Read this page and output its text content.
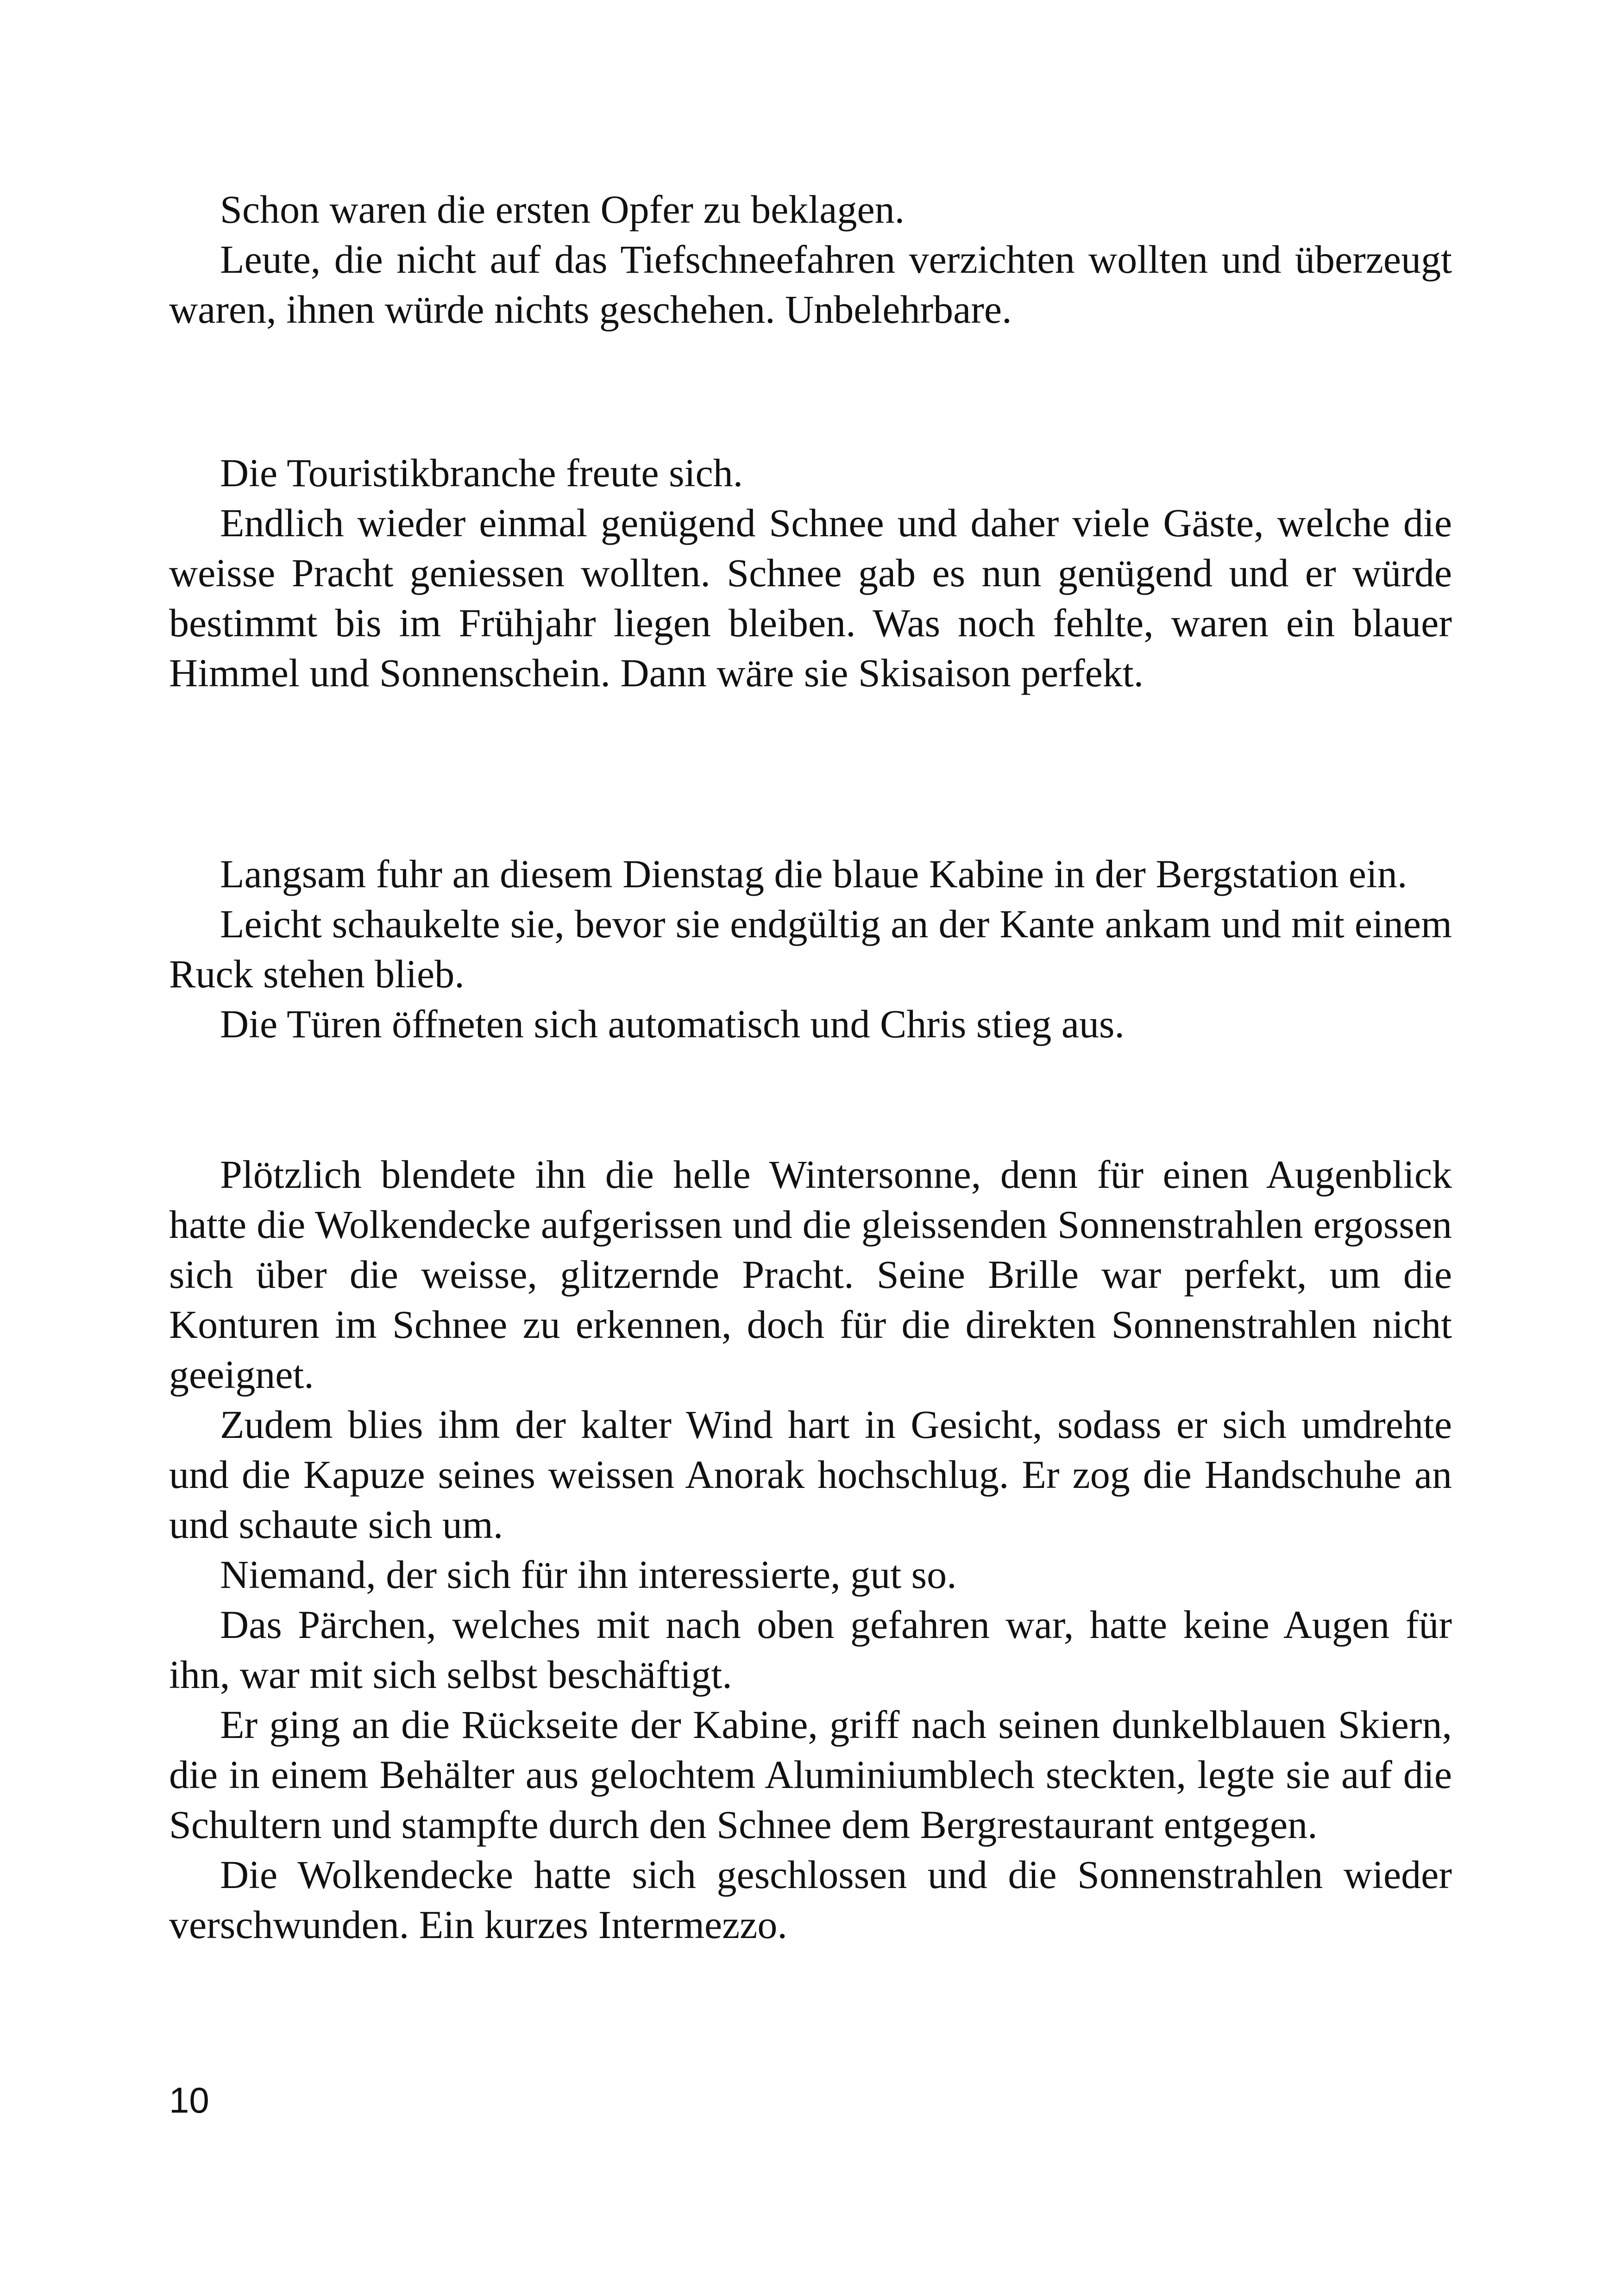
Schon waren die ersten Opfer zu beklagen.

Leute, die nicht auf das Tiefschneefahren verzichten wollten und überzeugt waren, ihnen würde nichts geschehen. Unbelehrbare.

Die Touristikbranche freute sich.

Endlich wieder einmal genügend Schnee und daher viele Gäste, welche die weisse Pracht geniessen wollten. Schnee gab es nun genügend und er würde bestimmt bis im Frühjahr liegen bleiben. Was noch fehlte, waren ein blauer Himmel und Sonnenschein. Dann wäre sie Skisaison perfekt.

Langsam fuhr an diesem Dienstag die blaue Kabine in der Bergstation ein.

Leicht schaukelte sie, bevor sie endgültig an der Kante ankam und mit einem Ruck stehen blieb.

Die Türen öffneten sich automatisch und Chris stieg aus.

Plötzlich blendete ihn die helle Wintersonne, denn für einen Augenblick hatte die Wolkendecke aufgerissen und die gleissenden Sonnenstrahlen ergossen sich über die weisse, glitzernde Pracht. Seine Brille war perfekt, um die Konturen im Schnee zu erkennen, doch für die direkten Sonnenstrahlen nicht geeignet.

Zudem blies ihm der kalter Wind hart in Gesicht, sodass er sich umdrehte und die Kapuze seines weissen Anorak hochschlug. Er zog die Handschuhe an und schaute sich um.

Niemand, der sich für ihn interessierte, gut so.

Das Pärchen, welches mit nach oben gefahren war, hatte keine Augen für ihn, war mit sich selbst beschäftigt.

Er ging an die Rückseite der Kabine, griff nach seinen dunkelblauen Skiern, die in einem Behälter aus gelochtem Aluminiumblech steckten, legte sie auf die Schultern und stampfte durch den Schnee dem Bergrestaurant entgegen.

Die Wolkendecke hatte sich geschlossen und die Sonnenstrahlen wieder verschwunden. Ein kurzes Intermezzo.

10
